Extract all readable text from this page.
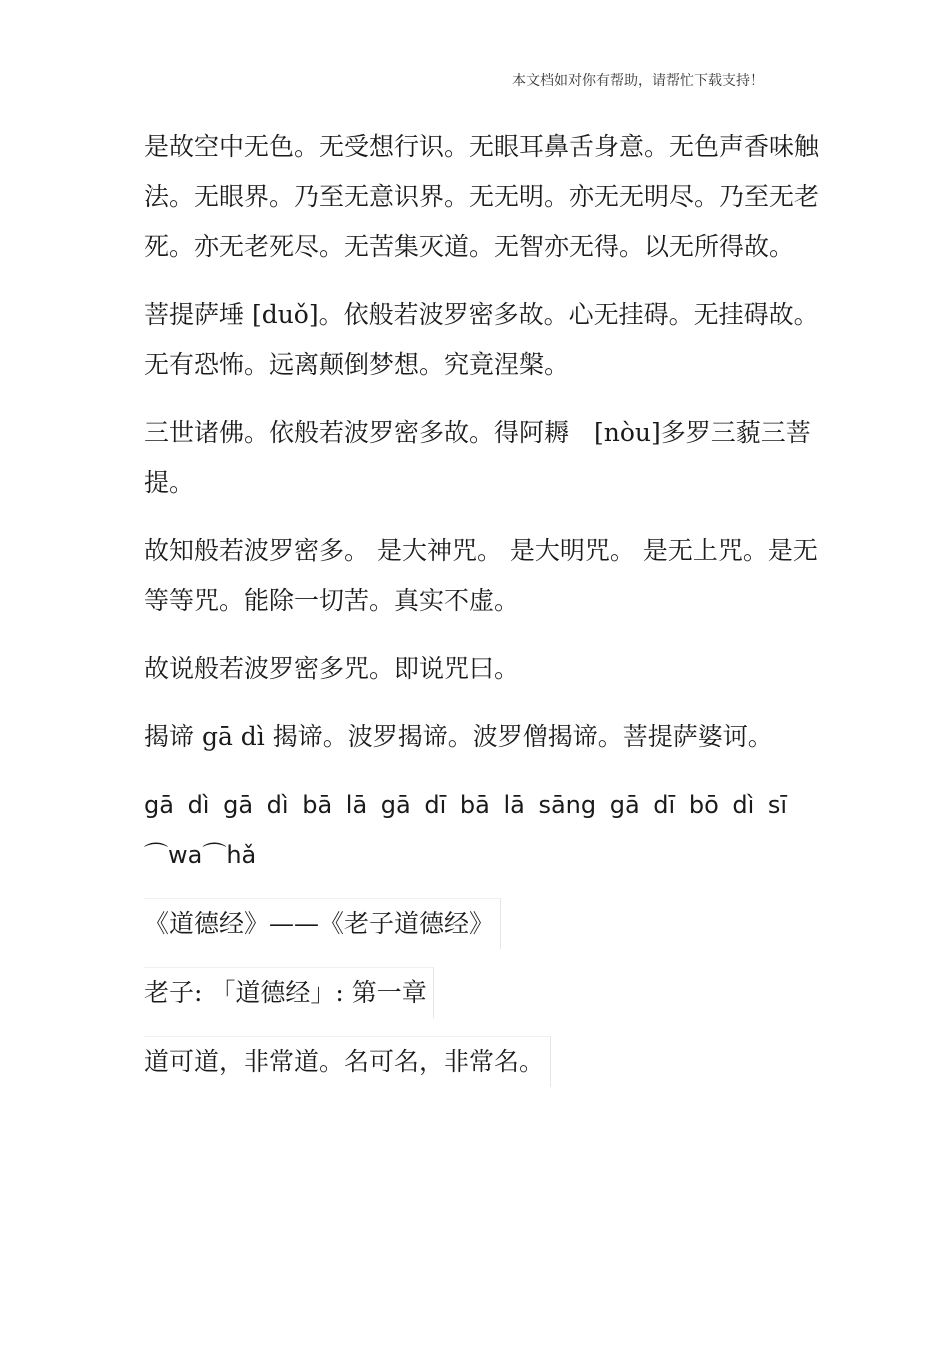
本文档如对你有帮助，请帮忙下载支持！

是故空中无色。无受想行识。无眼耳鼻舌身意。无色声香味触法。无眼界。乃至无意识界。无无明。亦无无明尽。乃至无老死。亦无老死尽。无苦集灭道。无智亦无得。以无所得故。

菩提萨埵 [duǒ]。依般若波罗密多故。心无挂碍。无挂碍故。无有恐怖。远离颠倒梦想。究竟涅槃。

三世诸佛。依般若波罗密多故。得阿耨　[nòu]多罗三藐三菩提。

故知般若波罗密多。 是大神咒。 是大明咒。 是无上咒。是无等等咒。能除一切苦。真实不虚。

故说般若波罗密多咒。即说咒曰。

揭谛 gā dì 揭谛。波罗揭谛。波罗僧揭谛。菩提萨婆诃。

gā dì gā dì bā lā gā dī bā lā sāng gā dī bō dì sī ⌒wa⌒hǎ

《道德经》——《老子道德经》
老子: 「道德经」: 第一章
道可道，非常道。名可名，非常名。
